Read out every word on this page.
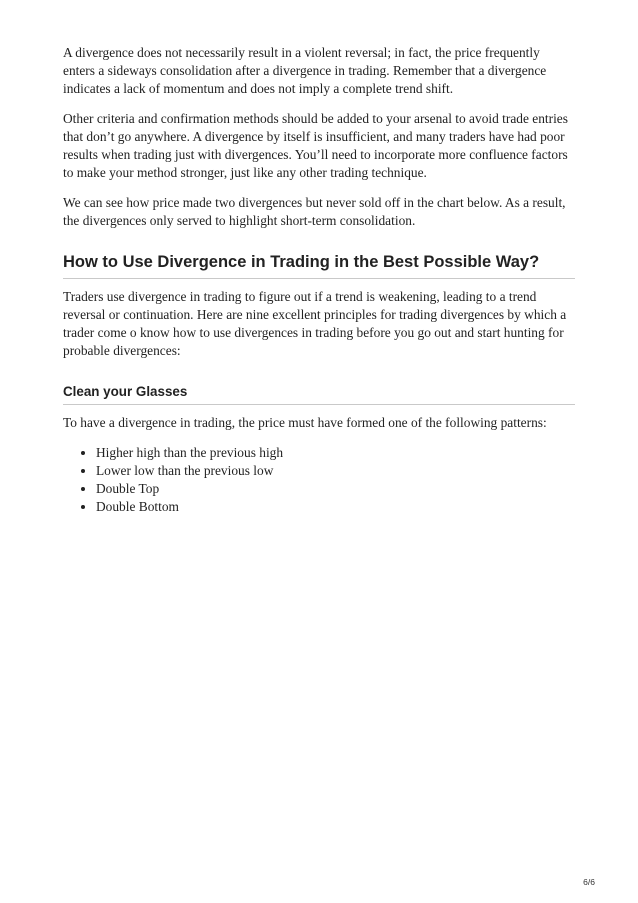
A divergence does not necessarily result in a violent reversal; in fact, the price frequently enters a sideways consolidation after a divergence in trading. Remember that a divergence indicates a lack of momentum and does not imply a complete trend shift.

Other criteria and confirmation methods should be added to your arsenal to avoid trade entries that don’t go anywhere. A divergence by itself is insufficient, and many traders have had poor results when trading just with divergences. You’ll need to incorporate more confluence factors to make your method stronger, just like any other trading technique.

We can see how price made two divergences but never sold off in the chart below. As a result, the divergences only served to highlight short-term consolidation.

How to Use Divergence in Trading in the Best Possible Way?

Traders use divergence in trading to figure out if a trend is weakening, leading to a trend reversal or continuation. Here are nine excellent principles for trading divergences by which a trader come o know how to use divergences in trading before you go out and start hunting for probable divergences:

Clean your Glasses

To have a divergence in trading, the price must have formed one of the following patterns:

• Higher high than the previous high
• Lower low than the previous low
• Double Top
• Double Bottom
6/6
